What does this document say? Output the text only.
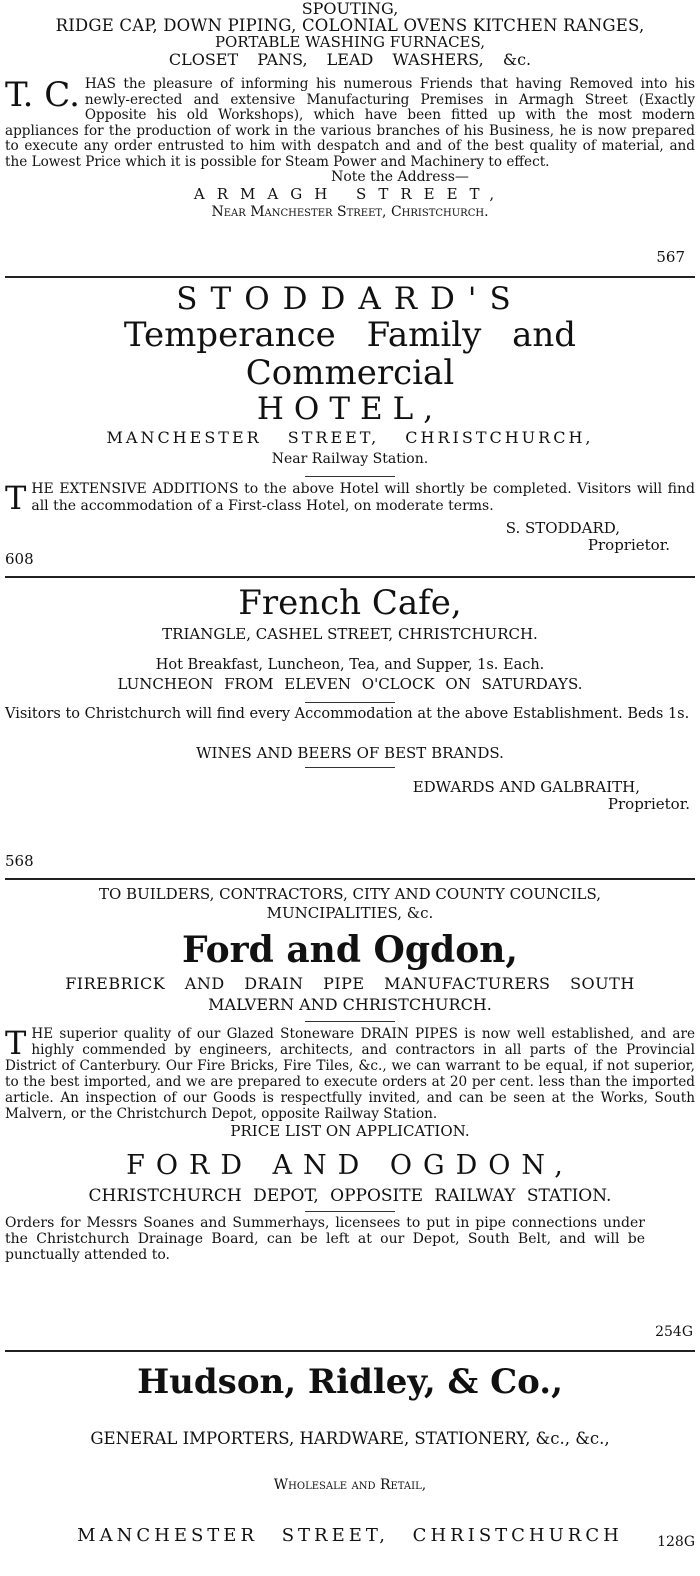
SPOUTING,
RIDGE CAP, DOWN PIPING, COLONIAL OVENS KITCHEN RANGES,
PORTABLE WASHING FURNACES,
CLOSET PANS, LEAD WASHERS, &c.
T. C. HAS the pleasure of informing his numerous Friends that having Removed into his newly-erected and extensive Manufacturing Premises in Armagh Street (Exactly Opposite his old Workshops), which have been fitted up with the most modern appliances for the production of work in the various branches of his Business, he is now prepared to execute any order entrusted to him with despatch and and of the best quality of material, and the Lowest Price which it is possible for Steam Power and Machinery to effect.
Note the Address—
ARMAGH STREET,
Near Manchester Street, Christchurch.
567
STODDARD'S
Temperance Family and Commercial
HOTEL,
MANCHESTER STREET, CHRISTCHURCH,
Near Railway Station.
T HE EXTENSIVE ADDITIONS to the above Hotel will shortly be completed. Visitors will find all the accommodation of a First-class Hotel, on moderate terms.
S. STODDARD,
Proprietor.
608
French Cafe,
TRIANGLE, CASHEL STREET, CHRISTCHURCH.
Hot Breakfast, Luncheon, Tea, and Supper, 1s. Each.
LUNCHEON FROM ELEVEN O'CLOCK ON SATURDAYS.
Visitors to Christchurch will find every Accommodation at the above Establishment. Beds 1s.
WINES AND BEERS OF BEST BRANDS.
EDWARDS AND GALBRAITH,
Proprietor.
568
TO BUILDERS, CONTRACTORS, CITY AND COUNTY COUNCILS,
MUNCIPALITIES, &c.
Ford and Ogdon,
FIREBRICK AND DRAIN PIPE MANUFACTURERS SOUTH
MALVERN AND CHRISTCHURCH.
T HE superior quality of our Glazed Stoneware DRAIN PIPES is now well established, and are highly commended by engineers, architects, and contractors in all parts of the Provincial District of Canterbury. Our Fire Bricks, Fire Tiles, &c., we can warrant to be equal, if not superior, to the best imported, and we are prepared to execute orders at 20 per cent. less than the imported article. An inspection of our Goods is respectfully invited, and can be seen at the Works, South Malvern, or the Christchurch Depot, opposite Railway Station.
PRICE LIST ON APPLICATION.
FORD AND OGDON,
CHRISTCHURCH DEPOT, OPPOSITE RAILWAY STATION.
Orders for Messrs Soanes and Summerhays, licensees to put in pipe connections under the Christchurch Drainage Board, can be left at our Depot, South Belt, and will be punctually attended to.
254G
Hudson, Ridley, & Co.,
GENERAL IMPORTERS, HARDWARE, STATIONERY, &c., &c.,
Wholesale and Retail,
MANCHESTER STREET, CHRISTCHURCH	128G
